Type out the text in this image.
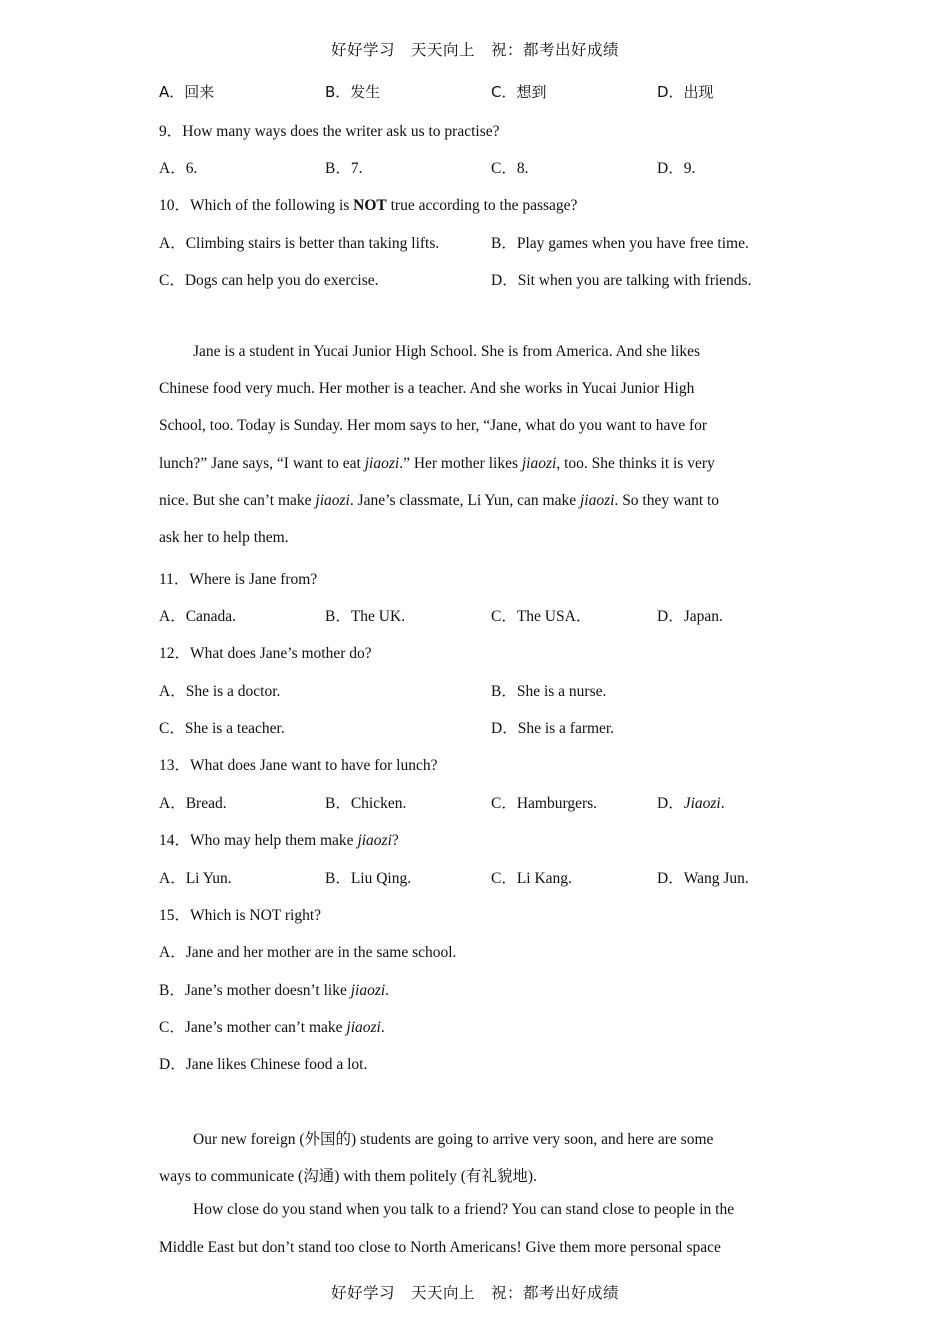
好好学习　天天向上　祝：都考出好成绩
A．回来	B．发生	C．想到	D．出现
9．How many ways does the writer ask us to practise?
A．6.	B．7.	C．8.	D．9.
10．Which of the following is NOT true according to the passage?
A．Climbing stairs is better than taking lifts.	B．Play games when you have free time.
C．Dogs can help you do exercise.	D．Sit when you are talking with friends.
Jane is a student in Yucai Junior High School. She is from America. And she likes
Chinese food very much. Her mother is a teacher. And she works in Yucai Junior High
School, too. Today is Sunday. Her mom says to her, “Jane, what do you want to have for
lunch?” Jane says, “I want to eat jiaozi.” Her mother likes jiaozi, too. She thinks it is very
nice. But she can’t make jiaozi. Jane’s classmate, Li Yun, can make jiaozi. So they want to
ask her to help them.
11．Where is Jane from?
A．Canada.	B．The UK.	C．The USA．	D．Japan.
12．What does Jane’s mother do?
A．She is a doctor.	B．She is a nurse.
C．She is a teacher.	D．She is a farmer.
13．What does Jane want to have for lunch?
A．Bread.	B．Chicken.	C．Hamburgers.	D．Jiaozi.
14．Who may help them make jiaozi?
A．Li Yun.	B．Liu Qing.	C．Li Kang.	D．Wang Jun.
15．Which is NOT right?
A．Jane and her mother are in the same school.
B．Jane’s mother doesn’t like jiaozi.
C．Jane’s mother can’t make jiaozi.
D．Jane likes Chinese food a lot.
Our new foreign (外国的) students are going to arrive very soon, and here are some
ways to communicate (沟通) with them politely (有礼貌地).
How close do you stand when you talk to a friend? You can stand close to people in the
Middle East but don’t stand too close to North Americans! Give them more personal space
好好学习　天天向上　祝：都考出好成绩
